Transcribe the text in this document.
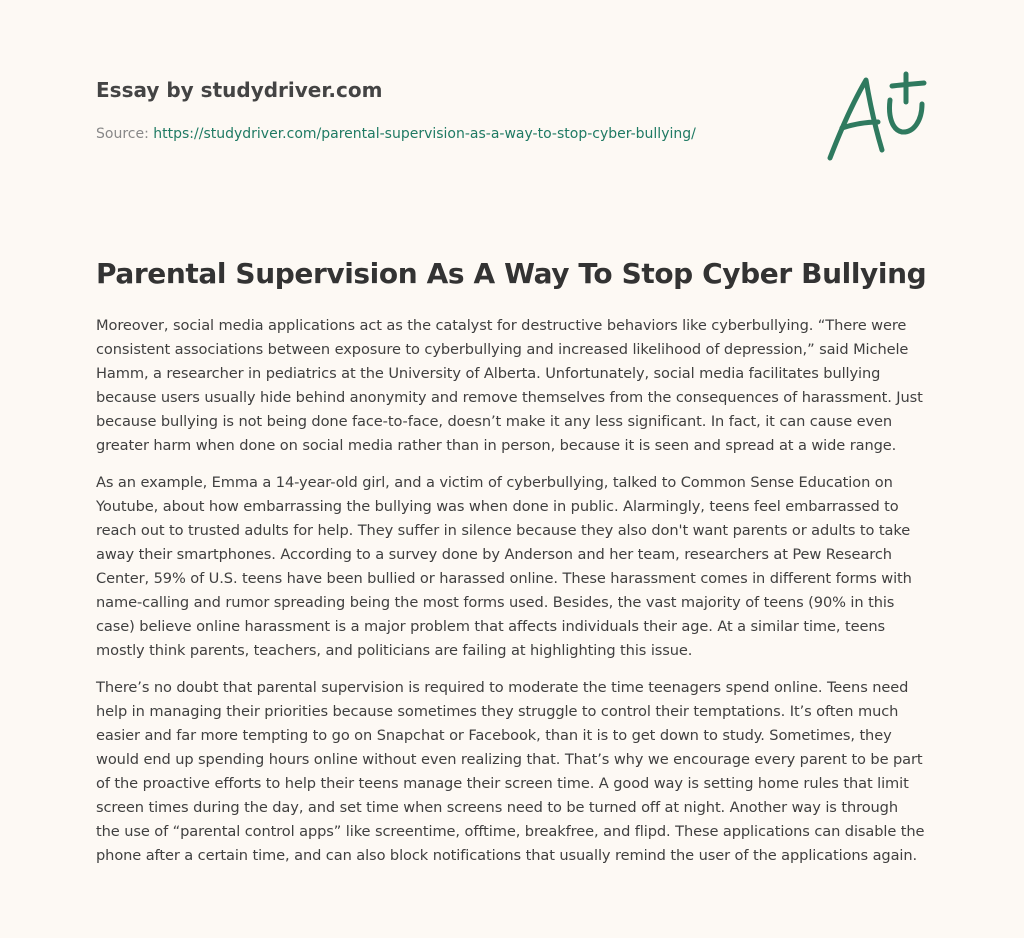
Essay by studydriver.com
Source: https://studydriver.com/parental-supervision-as-a-way-to-stop-cyber-bullying/
Parental Supervision As A Way To Stop Cyber Bullying

Moreover, social media applications act as the catalyst for destructive behaviors like cyberbullying. “There were consistent associations between exposure to cyberbullying and increased likelihood of depression,” said Michele Hamm, a researcher in pediatrics at the University of Alberta. Unfortunately, social media facilitates bullying because users usually hide behind anonymity and remove themselves from the consequences of harassment. Just because bullying is not being done face-to-face, doesn’t make it any less significant. In fact, it can cause even greater harm when done on social media rather than in person, because it is seen and spread at a wide range.

As an example, Emma a 14-year-old girl, and a victim of cyberbullying, talked to Common Sense Education on Youtube, about how embarrassing the bullying was when done in public. Alarmingly, teens feel embarrassed to reach out to trusted adults for help. They suffer in silence because they also don't want parents or adults to take away their smartphones. According to a survey done by Anderson and her team, researchers at Pew Research Center, 59% of U.S. teens have been bullied or harassed online. These harassment comes in different forms with name-calling and rumor spreading being the most forms used. Besides, the vast majority of teens (90% in this case) believe online harassment is a major problem that affects individuals their age. At a similar time, teens mostly think parents, teachers, and politicians are failing at highlighting this issue.

There’s no doubt that parental supervision is required to moderate the time teenagers spend online. Teens need help in managing their priorities because sometimes they struggle to control their temptations. It’s often much easier and far more tempting to go on Snapchat or Facebook, than it is to get down to study. Sometimes, they would end up spending hours online without even realizing that. That’s why we encourage every parent to be part of the proactive efforts to help their teens manage their screen time. A good way is setting home rules that limit screen times during the day, and set time when screens need to be turned off at night. Another way is through the use of “parental control apps” like screentime, offtime, breakfree, and flipd. These applications can disable the phone after a certain time, and can also block notifications that usually remind the user of the applications again.
